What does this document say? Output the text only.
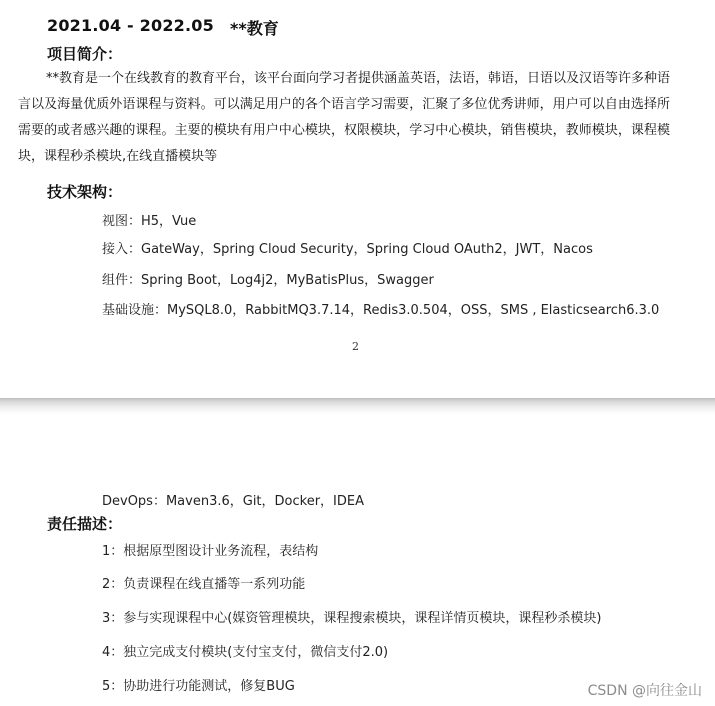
2021.04 - 2022.05 **教育
项目简介：
**教育是一个在线教育的教育平台，该平台面向学习者提供涵盖英语，法语，韩语，日语以及汉语等许多种语言以及海量优质外语课程与资料。可以满足用户的各个语言学习需要，汇聚了多位优秀讲师，用户可以自由选择所需要的或者感兴趣的课程。主要的模块有用户中心模块，权限模块，学习中心模块，销售模块，教师模块，课程模块，课程秒杀模块,在线直播模块等
技术架构：
视图：H5，Vue
接入：GateWay，Spring Cloud Security，Spring Cloud OAuth2，JWT，Nacos
组件：Spring Boot，Log4j2，MyBatisPlus，Swagger
基础设施：MySQL8.0，RabbitMQ3.7.14，Redis3.0.504，OSS，SMS , Elasticsearch6.3.0
2
DevOps：Maven3.6，Git，Docker，IDEA
责任描述：
1：根据原型图设计业务流程，表结构
2：负责课程在线直播等一系列功能
3：参与实现课程中心(媒资管理模块，课程搜索模块，课程详情页模块，课程秒杀模块)
4：独立完成支付模块(支付宝支付，微信支付2.0)
5：协助进行功能测试，修复BUG	CSDN @向往金山
